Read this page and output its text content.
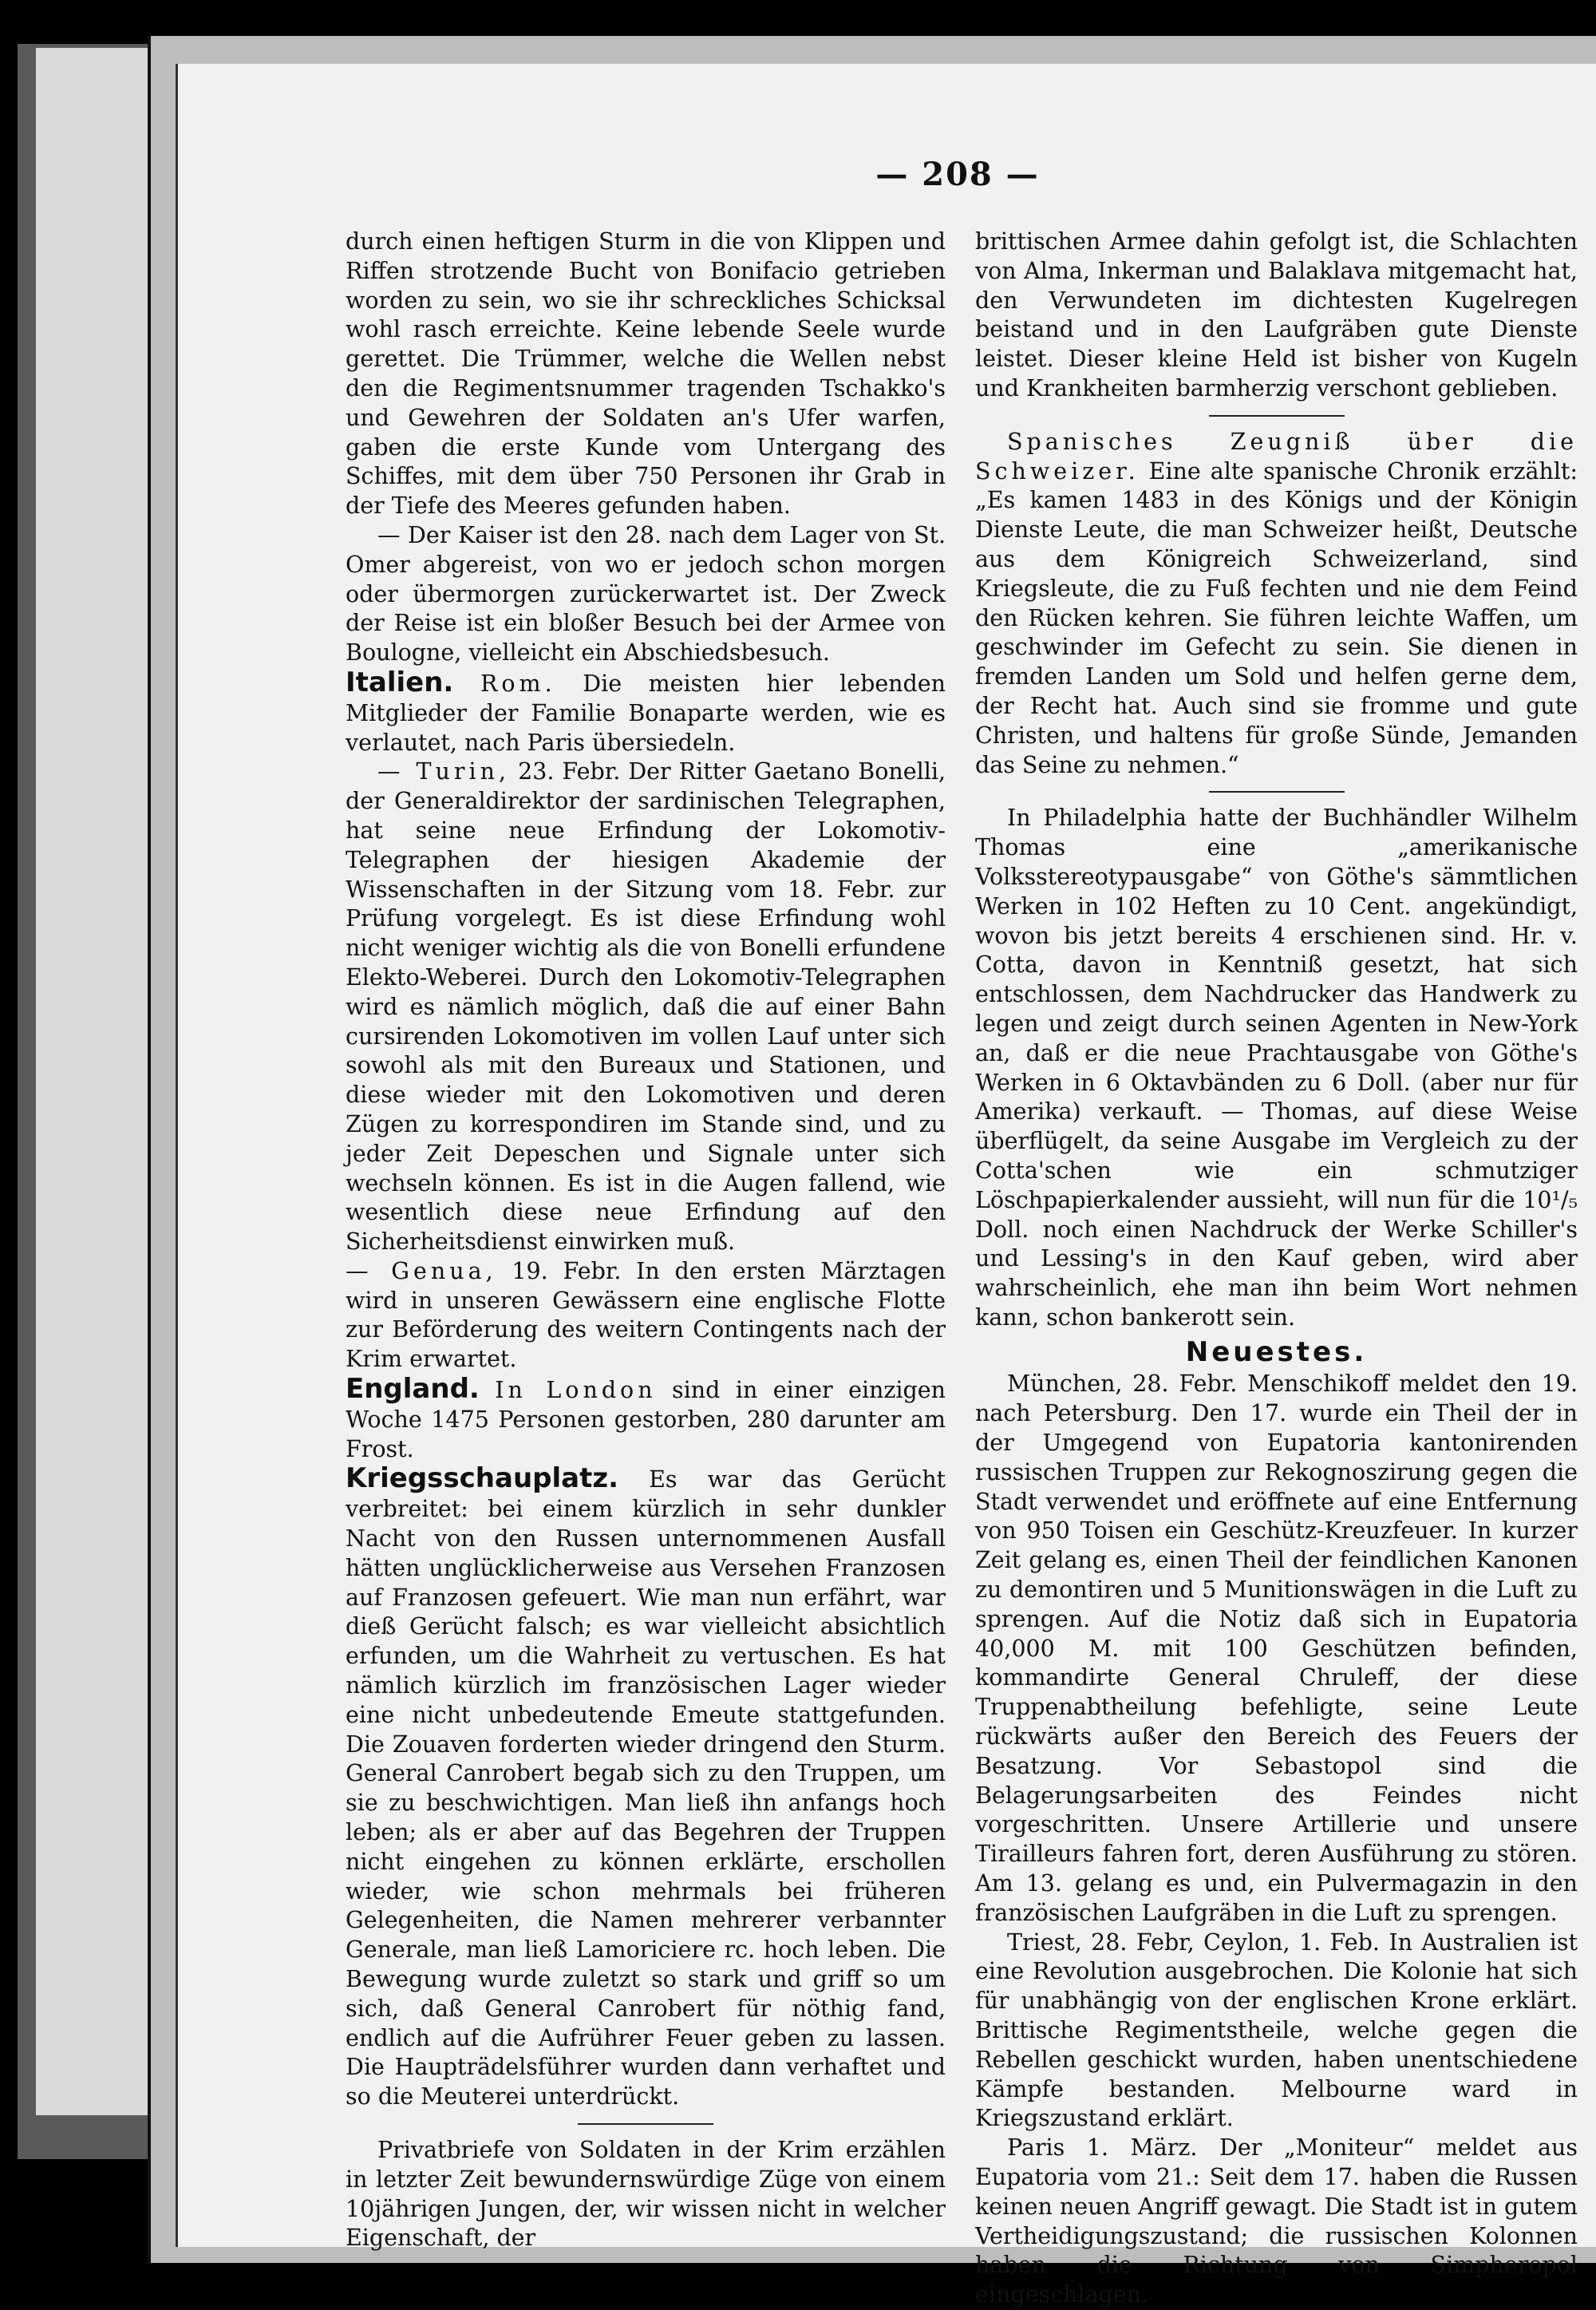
— 208 —

durch einen heftigen Sturm in die von Klippen und Riffen strotzende Bucht von Bonifacio getrieben worden zu sein, wo sie ihr schreckliches Schicksal wohl rasch erreichte. Keine lebende Seele wurde gerettet. Die Trümmer, welche die Wellen nebst den die Regimentsnummer tragenden Tschakko's und Gewehren der Soldaten an's Ufer warfen, gaben die erste Kunde vom Untergang des Schiffes, mit dem über 750 Personen ihr Grab in der Tiefe des Meeres gefunden haben.

— Der Kaiser ist den 28. nach dem Lager von St. Omer abgereist, von wo er jedoch schon morgen oder übermorgen zurückerwartet ist. Der Zweck der Reise ist ein bloßer Besuch bei der Armee von Boulogne, vielleicht ein Abschiedsbesuch.

Italien. Rom. Die meisten hier lebenden Mitglieder der Familie Bonaparte werden, wie es verlautet, nach Paris übersiedeln.

— Turin, 23. Febr. Der Ritter Gaetano Bonelli, der Generaldirektor der sardinischen Telegraphen, hat seine neue Erfindung der Lokomotiv-Telegraphen der hiesigen Akademie der Wissenschaften in der Sitzung vom 18. Febr. zur Prüfung vorgelegt. Es ist diese Erfindung wohl nicht weniger wichtig als die von Bonelli erfundene Elekto-Weberei. Durch den Lokomotiv-Telegraphen wird es nämlich möglich, daß die auf einer Bahn cursirenden Lokomotiven im vollen Lauf unter sich sowohl als mit den Bureaux und Stationen, und diese wieder mit den Lokomotiven und deren Zügen zu korrespondiren im Stande sind, und zu jeder Zeit Depeschen und Signale unter sich wechseln können. Es ist in die Augen fallend, wie wesentlich diese neue Erfindung auf den Sicherheitsdienst einwirken muß.

— Genua, 19. Febr. In den ersten Märztagen wird in unseren Gewässern eine englische Flotte zur Beförderung des weitern Contingents nach der Krim erwartet.

England. In London sind in einer einzigen Woche 1475 Personen gestorben, 280 darunter am Frost.

Kriegsschauplatz. Es war das Gerücht verbreitet: bei einem kürzlich in sehr dunkler Nacht von den Russen unternommenen Ausfall hätten unglücklicherweise aus Versehen Franzosen auf Franzosen gefeuert. Wie man nun erfährt, war dieß Gerücht falsch; es war vielleicht absichtlich erfunden, um die Wahrheit zu vertuschen. Es hat nämlich kürzlich im französischen Lager wieder eine nicht unbedeutende Emeute stattgefunden. Die Zouaven forderten wieder dringend den Sturm. General Canrobert begab sich zu den Truppen, um sie zu beschwichtigen. Man ließ ihn anfangs hoch leben; als er aber auf das Begehren der Truppen nicht eingehen zu können erklärte, erschollen wieder, wie schon mehrmals bei früheren Gelegenheiten, die Namen mehrerer verbannter Generale, man ließ Lamoriciere rc. hoch leben. Die Bewegung wurde zuletzt so stark und griff so um sich, daß General Canrobert für nöthig fand, endlich auf die Aufrührer Feuer geben zu lassen. Die Haupträdelsführer wurden dann verhaftet und so die Meuterei unterdrückt.

Privatbriefe von Soldaten in der Krim erzählen in letzter Zeit bewundernswürdige Züge von einem 10jährigen Jungen, der, wir wissen nicht in welcher Eigenschaft, der

brittischen Armee dahin gefolgt ist, die Schlachten von Alma, Inkerman und Balaklava mitgemacht hat, den Verwundeten im dichtesten Kugelregen beistand und in den Laufgräben gute Dienste leistet. Dieser kleine Held ist bisher von Kugeln und Krankheiten barmherzig verschont geblieben.

Spanisches Zeugniß über die Schweizer. Eine alte spanische Chronik erzählt: „Es kamen 1483 in des Königs und der Königin Dienste Leute, die man Schweizer heißt, Deutsche aus dem Königreich Schweizerland, sind Kriegsleute, die zu Fuß fechten und nie dem Feind den Rücken kehren. Sie führen leichte Waffen, um geschwinder im Gefecht zu sein. Sie dienen in fremden Landen um Sold und helfen gerne dem, der Recht hat. Auch sind sie fromme und gute Christen, und haltens für große Sünde, Jemanden das Seine zu nehmen.“

In Philadelphia hatte der Buchhändler Wilhelm Thomas eine „amerikanische Volksstereotypausgabe“ von Göthe's sämmtlichen Werken in 102 Heften zu 10 Cent. angekündigt, wovon bis jetzt bereits 4 erschienen sind. Hr. v. Cotta, davon in Kenntniß gesetzt, hat sich entschlossen, dem Nachdrucker das Handwerk zu legen und zeigt durch seinen Agenten in New-York an, daß er die neue Prachtausgabe von Göthe's Werken in 6 Oktavbänden zu 6 Doll. (aber nur für Amerika) verkauft. — Thomas, auf diese Weise überflügelt, da seine Ausgabe im Vergleich zu der Cotta'schen wie ein schmutziger Löschpapierkalender aussieht, will nun für die 10¹/₅ Doll. noch einen Nachdruck der Werke Schiller's und Lessing's in den Kauf geben, wird aber wahrscheinlich, ehe man ihn beim Wort nehmen kann, schon bankerott sein.

Neuestes.

München, 28. Febr. Menschikoff meldet den 19. nach Petersburg. Den 17. wurde ein Theil der in der Umgegend von Eupatoria kantonirenden russischen Truppen zur Rekognoszirung gegen die Stadt verwendet und eröffnete auf eine Entfernung von 950 Toisen ein Geschütz-Kreuzfeuer. In kurzer Zeit gelang es, einen Theil der feindlichen Kanonen zu demontiren und 5 Munitionswägen in die Luft zu sprengen. Auf die Notiz daß sich in Eupatoria 40,000 M. mit 100 Geschützen befinden, kommandirte General Chruleff, der diese Truppenabtheilung befehligte, seine Leute rückwärts außer den Bereich des Feuers der Besatzung. Vor Sebastopol sind die Belagerungsarbeiten des Feindes nicht vorgeschritten. Unsere Artillerie und unsere Tirailleurs fahren fort, deren Ausführung zu stören. Am 13. gelang es und, ein Pulvermagazin in den französischen Laufgräben in die Luft zu sprengen.

Triest, 28. Febr, Ceylon, 1. Feb. In Australien ist eine Revolution ausgebrochen. Die Kolonie hat sich für unabhängig von der englischen Krone erklärt. Brittische Regimentstheile, welche gegen die Rebellen geschickt wurden, haben unentschiedene Kämpfe bestanden. Melbourne ward in Kriegszustand erklärt.

Paris 1. März. Der „Moniteur“ meldet aus Eupatoria vom 21.: Seit dem 17. haben die Russen keinen neuen Angriff gewagt. Die Stadt ist in gutem Vertheidigungszustand; die russischen Kolonnen haben die Richtung von Simpheropol eingeschlagen.
